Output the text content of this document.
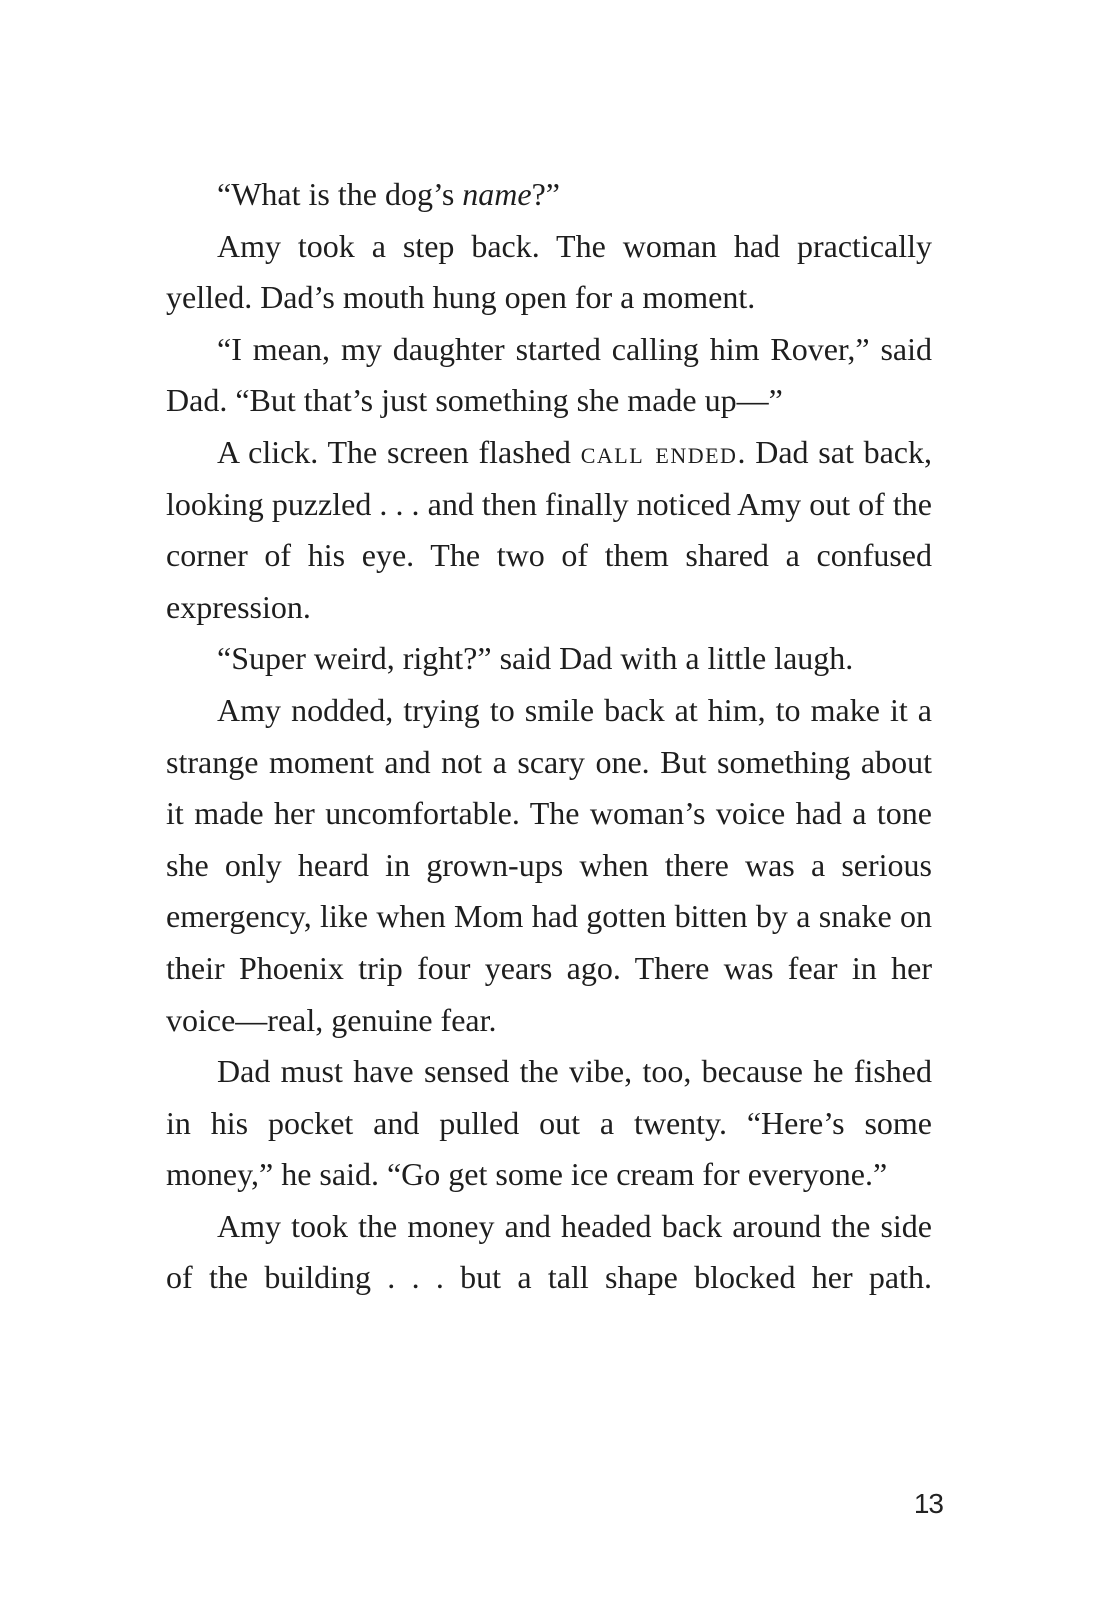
“What is the dog’s name?”

Amy took a step back. The woman had practically yelled. Dad’s mouth hung open for a moment.

“I mean, my daughter started calling him Rover,” said Dad. “But that’s just something she made up—”

A click. The screen flashed call ended. Dad sat back, looking puzzled . . . and then finally noticed Amy out of the corner of his eye. The two of them shared a confused expression.

“Super weird, right?” said Dad with a little laugh.

Amy nodded, trying to smile back at him, to make it a strange moment and not a scary one. But something about it made her uncomfortable. The woman’s voice had a tone she only heard in grown-ups when there was a serious emergency, like when Mom had gotten bitten by a snake on their Phoenix trip four years ago. There was fear in her voice—real, genuine fear.

Dad must have sensed the vibe, too, because he fished in his pocket and pulled out a twenty. “Here’s some money,” he said. “Go get some ice cream for everyone.”

Amy took the money and headed back around the side of the building . . . but a tall shape blocked her path.

13
